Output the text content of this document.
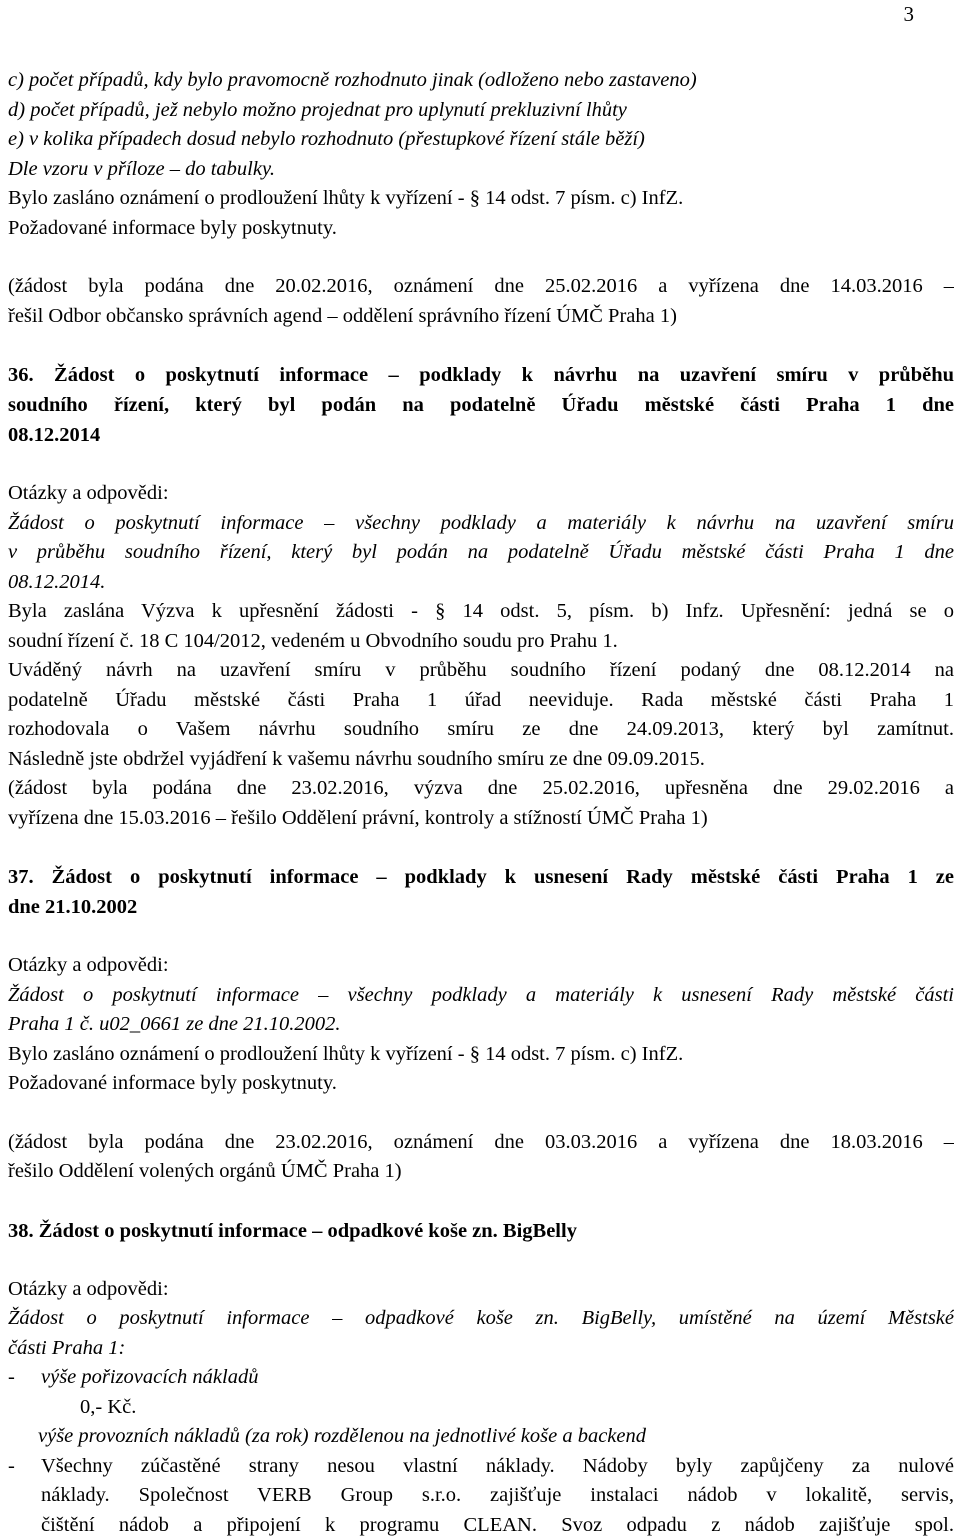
3
c) počet případů, kdy bylo pravomocně rozhodnuto jinak (odloženo nebo zastaveno)
d) počet případů, jež nebylo možno projednat pro uplynutí prekluzivní lhůty
e) v kolika případech dosud nebylo rozhodnuto (přestupkové řízení stále běží)
Dle vzoru v příloze – do tabulky.
Bylo zasláno oznámení o prodloužení lhůty k vyřízení - § 14 odst. 7 písm. c) InfZ.
Požadované informace byly poskytnuty.
(žádost byla podána dne 20.02.2016, oznámení dne 25.02.2016 a vyřízena dne 14.03.2016 –
řešil Odbor občansko správních agend – oddělení správního řízení ÚMČ Praha 1)
36. Žádost o poskytnutí informace – podklady k návrhu na uzavření smíru v průběhu
soudního řízení, který byl podán na podatelně Úřadu městské části Praha 1 dne
08.12.2014
Otázky a odpovědi:
Žádost o poskytnutí informace – všechny podklady a materiály k návrhu na uzavření smíru
v průběhu soudního řízení, který byl podán na podatelně Úřadu městské části Praha 1 dne
08.12.2014.
Byla zaslána Výzva k upřesnění žádosti - § 14 odst. 5, písm. b) Infz. Upřesnění: jedná se o
soudní řízení č. 18 C 104/2012, vedeném u Obvodního soudu pro Prahu 1.
Uváděný návrh na uzavření smíru v průběhu soudního řízení podaný dne 08.12.2014 na
podatelně Úřadu městské části Praha 1 úřad neeviduje. Rada městské části Praha 1
rozhodovala o Vašem návrhu soudního smíru ze dne 24.09.2013, který byl zamítnut.
Následně jste obdržel vyjádření k vašemu návrhu soudního smíru ze dne 09.09.2015.
(žádost byla podána dne 23.02.2016, výzva dne 25.02.2016, upřesněna dne 29.02.2016 a
vyřízena dne 15.03.2016 – řešilo Oddělení právní, kontroly a stížností ÚMČ Praha 1)
37. Žádost o poskytnutí informace – podklady k usnesení Rady městské části Praha 1 ze
dne 21.10.2002
Otázky a odpovědi:
Žádost o poskytnutí informace – všechny podklady a materiály k usnesení Rady městské části
Praha 1 č. u02_0661 ze dne 21.10.2002.
Bylo zasláno oznámení o prodloužení lhůty k vyřízení - § 14 odst. 7 písm. c) InfZ.
Požadované informace byly poskytnuty.
(žádost byla podána dne 23.02.2016, oznámení dne 03.03.2016 a vyřízena dne 18.03.2016 –
řešilo Oddělení volených orgánů ÚMČ Praha 1)
38. Žádost o poskytnutí informace – odpadkové koše zn. BigBelly
Otázky a odpovědi:
Žádost o poskytnutí informace – odpadkové koše zn. BigBelly, umístěné na území Městské
části Praha 1:
-	výše pořizovacích nákladů
0,- Kč.
výše provozních nákladů (za rok) rozdělenou na jednotlivé koše a backend
-	Všechny zúčastěné strany nesou vlastní náklady. Nádoby byly zapůjčeny za nulové
náklady. Společnost VERB Group s.r.o. zajišťuje instalaci nádob v lokalitě, servis,
čištění nádob a připojení k programu CLEAN. Svoz odpadu z nádob zajišťuje spol.
